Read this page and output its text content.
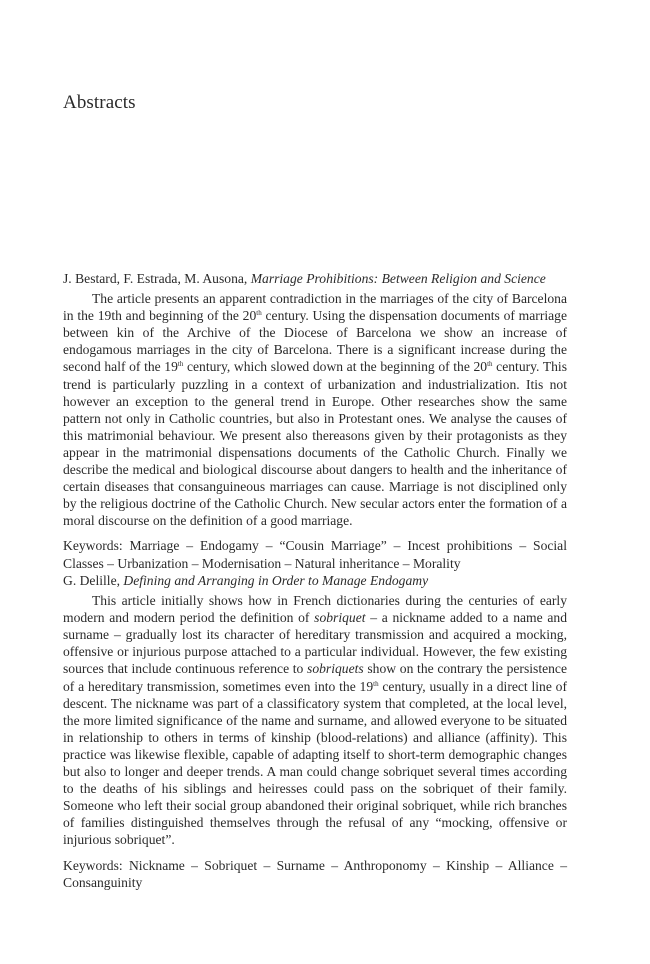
Abstracts

J. Bestard, F. Estrada, M. Ausona, Marriage Prohibitions: Between Religion and Science

The article presents an apparent contradiction in the marriages of the city of Barcelona in the 19th and beginning of the 20th century. Using the dispensation documents of marriage between kin of the Archive of the Diocese of Barcelona we show an increase of endogamous marriages in the city of Barcelona. There is a significant increase during the second half of the 19th century, which slowed down at the beginning of the 20th century. This trend is particularly puzzling in a context of urbanization and industrialization. Itis not however an exception to the general trend in Europe. Other researches show the same pattern not only in Catholic countries, but also in Protestant ones. We analyse the causes of this matrimonial behaviour. We present also thereasons given by their protagonists as they appear in the matrimonial dispensations documents of the Catholic Church. Finally we describe the medical and biological discourse about dangers to health and the inheritance of certain diseases that consanguineous marriages can cause. Marriage is not disciplined only by the religious doctrine of the Catholic Church. New secular actors enter the formation of a moral discourse on the definition of a good marriage.

Keywords: Marriage – Endogamy – “Cousin Marriage” – Incest prohibitions – Social Classes – Urbanization – Modernisation – Natural inheritance – Morality

G. Delille, Defining and Arranging in Order to Manage Endogamy

This article initially shows how in French dictionaries during the centuries of early modern and modern period the definition of sobriquet – a nickname added to a name and surname – gradually lost its character of hereditary transmission and acquired a mocking, offensive or injurious purpose attached to a particular individual. However, the few existing sources that include continuous reference to sobriquets show on the contrary the persistence of a hereditary transmission, sometimes even into the 19th century, usually in a direct line of descent. The nickname was part of a classificatory system that completed, at the local level, the more limited significance of the name and surname, and allowed everyone to be situated in relationship to others in terms of kinship (blood-relations) and alliance (affinity). This practice was likewise flexible, capable of adapting itself to short-term demographic changes but also to longer and deeper trends. A man could change sobriquet several times according to the deaths of his siblings and heiresses could pass on the sobriquet of their family. Someone who left their social group abandoned their original sobriquet, while rich branches of families distinguished themselves through the refusal of any “mocking, offensive or injurious sobriquet”.

Keywords: Nickname – Sobriquet – Surname – Anthroponomy – Kinship – Alliance – Consanguinity
